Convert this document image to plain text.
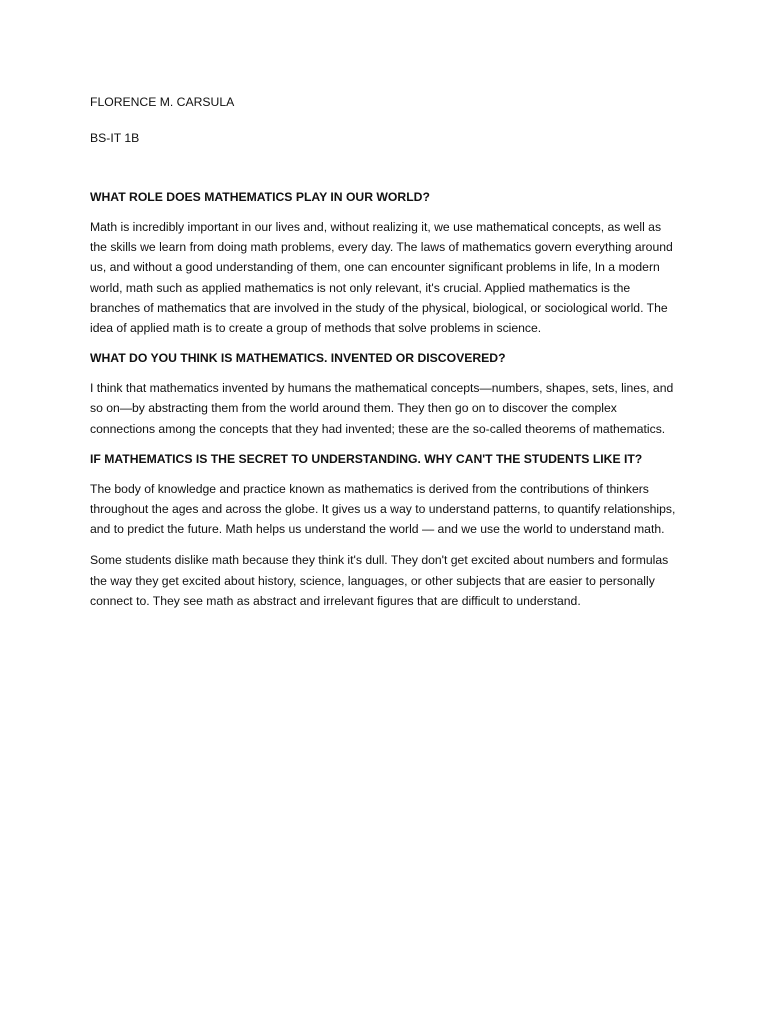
FLORENCE M. CARSULA

BS-IT 1B

WHAT ROLE DOES MATHEMATICS PLAY IN OUR WORLD?

Math is incredibly important in our lives and, without realizing it, we use mathematical concepts, as well as the skills we learn from doing math problems, every day. The laws of mathematics govern everything around us, and without a good understanding of them, one can encounter significant problems in life, In a modern world, math such as applied mathematics is not only relevant, it's crucial. Applied mathematics is the branches of mathematics that are involved in the study of the physical, biological, or sociological world. The idea of applied math is to create a group of methods that solve problems in science.

WHAT DO YOU THINK IS MATHEMATICS. INVENTED OR DISCOVERED?

I think that mathematics invented by humans the mathematical concepts—numbers, shapes, sets, lines, and so on—by abstracting them from the world around them. They then go on to discover the complex connections among the concepts that they had invented; these are the so-called theorems of mathematics.

IF MATHEMATICS IS THE SECRET TO UNDERSTANDING. WHY CAN'T THE STUDENTS LIKE IT?

The body of knowledge and practice known as mathematics is derived from the contributions of thinkers throughout the ages and across the globe. It gives us a way to understand patterns, to quantify relationships, and to predict the future. Math helps us understand the world — and we use the world to understand math.

Some students dislike math because they think it's dull. They don't get excited about numbers and formulas the way they get excited about history, science, languages, or other subjects that are easier to personally connect to. They see math as abstract and irrelevant figures that are difficult to understand.
